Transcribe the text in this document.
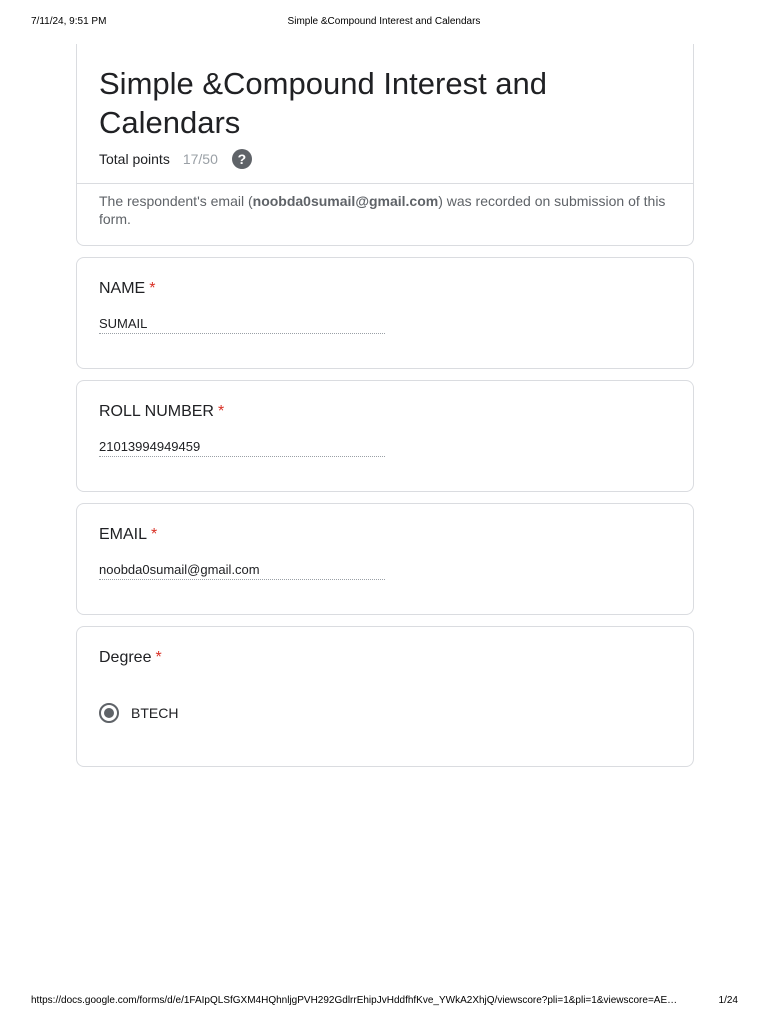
7/11/24, 9:51 PM	Simple &Compound Interest and Calendars
Simple &Compound Interest and Calendars
Total points 17/50	?
The respondent's email (noobda0sumail@gmail.com) was recorded on submission of this form.
NAME *
SUMAIL
ROLL NUMBER *
21013994949459
EMAIL *
noobda0sumail@gmail.com
Degree *
BTECH
https://docs.google.com/forms/d/e/1FAIpQLSfGXM4HQhnljgPVH292GdlrrEhipJvHddfhfKve_YWkA2XhjQ/viewscore?pli=1&pli=1&viewscore=AE…	1/24
